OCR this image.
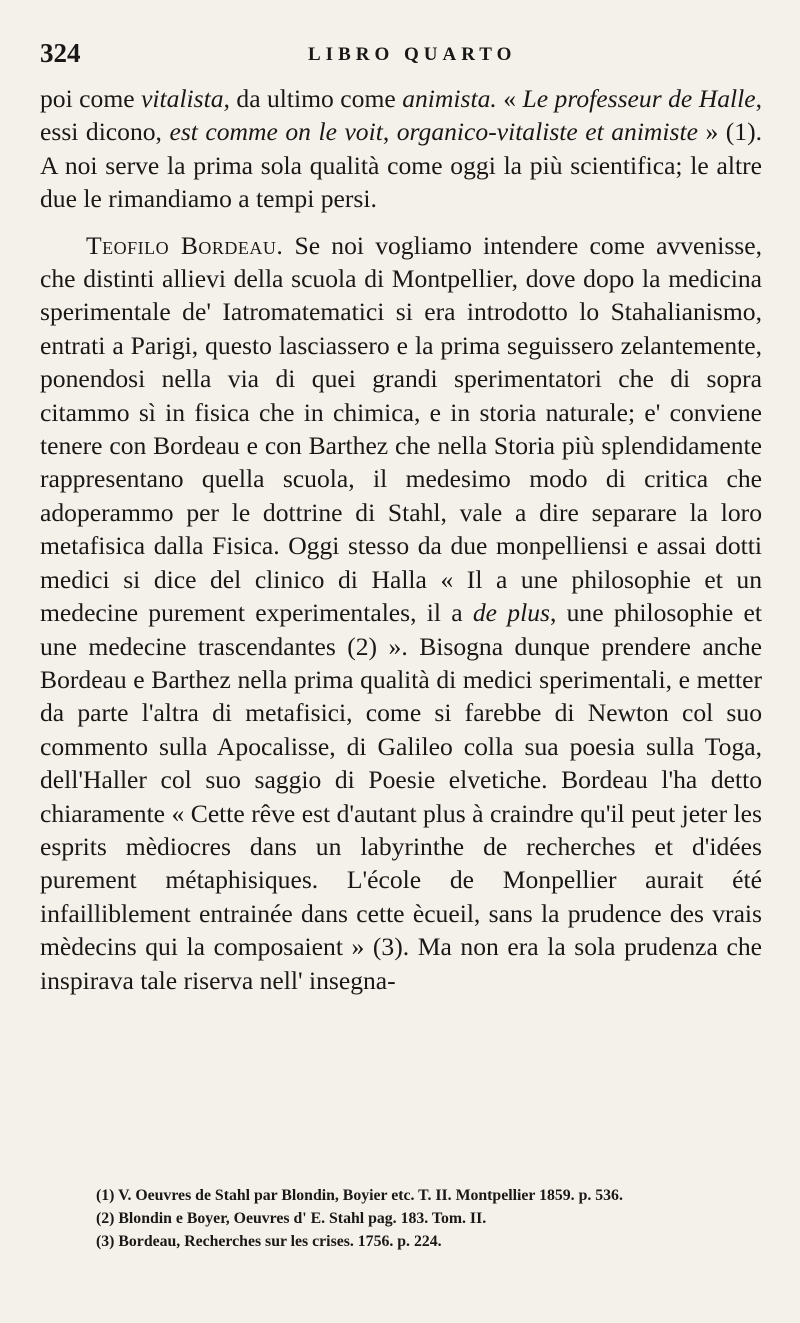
324	LIBRO QUARTO

poi come vitalista, da ultimo come animista. « Le professeur de Halle, essi dicono, est comme on le voit, organico-vitaliste et animiste » (1). A noi serve la prima sola qualità come oggi la più scientifica; le altre due le rimandiamo a tempi persi.

Teofilo Bordeau. Se noi vogliamo intendere come avvenisse, che distinti allievi della scuola di Montpellier, dove dopo la medicina sperimentale de' Iatromatematici si era introdotto lo Stahalianismo, entrati a Parigi, questo lasciassero e la prima seguissero zelantemente, ponendosi nella via di quei grandi sperimentatori che di sopra citammo sì in fisica che in chimica, e in storia naturale; e' conviene tenere con Bordeau e con Barthez che nella Storia più splendidamente rappresentano quella scuola, il medesimo modo di critica che adoperammo per le dottrine di Stahl, vale a dire separare la loro metafisica dalla Fisica. Oggi stesso da due monpelliensi e assai dotti medici si dice del clinico di Halla « Il a une philosophie et un medecine purement experimentales, il a de plus, une philosophie et une medecine trascendantes (2) ». Bisogna dunque prendere anche Bordeau e Barthez nella prima qualità di medici sperimentali, e metter da parte l'altra di metafisici, come si farebbe di Newton col suo commento sulla Apocalisse, di Galileo colla sua poesia sulla Toga, dell'Haller col suo saggio di Poesie elvetiche. Bordeau l'ha detto chiaramente « Cette rêve est d'autant plus à craindre qu'il peut jeter les esprits mèdiocres dans un labyrinthe de recherches et d'idées purement métaphisiques. L'école de Monpellier aurait été infailliblement entrainée dans cette ècueil, sans la prudence des vrais mèdecins qui la composaient » (3). Ma non era la sola prudenza che inspirava tale riserva nell' insegna-

(1) V. Oeuvres de Stahl par Blondin, Boyier etc. T. II. Montpellier 1859. p. 536.

(2) Blondin e Boyer, Oeuvres d' E. Stahl pag. 183. Tom. II.

(3) Bordeau, Recherches sur les crises. 1756. p. 224.
